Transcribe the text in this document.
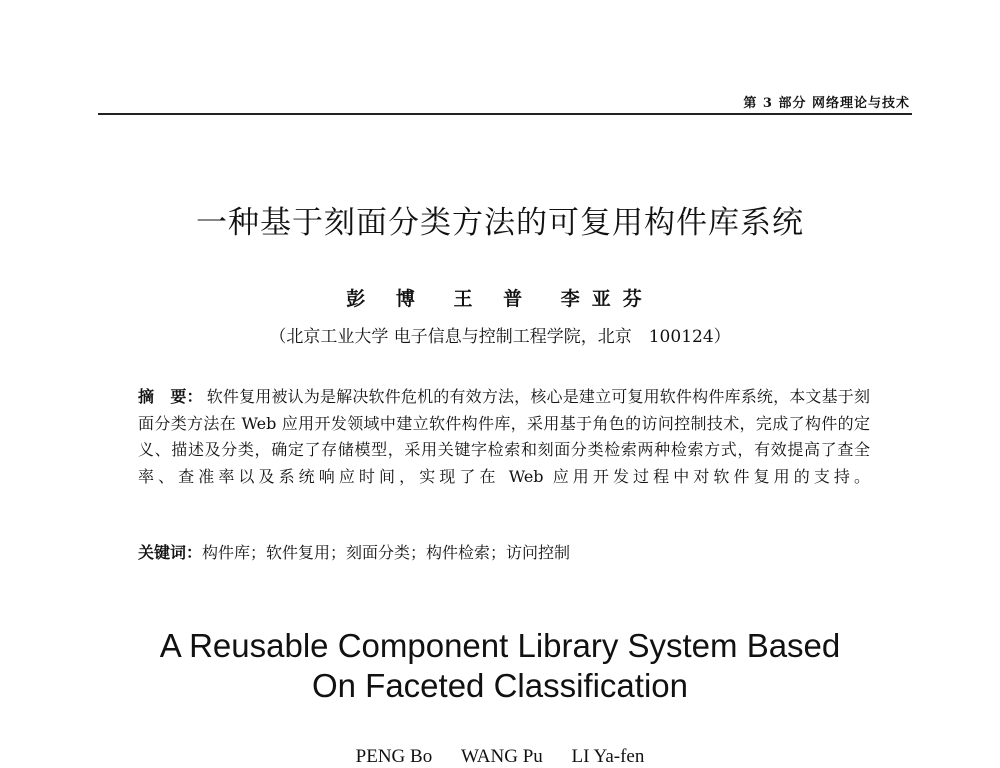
第 3 部分 网络理论与技术
一种基于刻面分类方法的可复用构件库系统
彭 博 王 普 李亚芬
（北京工业大学 电子信息与控制工程学院，北京　100124）
摘　要： 软件复用被认为是解决软件危机的有效方法，核心是建立可复用软件构件库系统，本文基于刻面分类方法在 Web 应用开发领域中建立软件构件库，采用基于角色的访问控制技术，完成了构件的定义、描述及分类，确定了存储模型，采用关键字检索和刻面分类检索两种检索方式，有效提高了查全率、查准率以及系统响应时间，实现了在 Web 应用开发过程中对软件复用的支持。
关键词：构件库；软件复用；刻面分类；构件检索；访问控制
A Reusable Component Library System Based
On Faceted Classification
PENG Bo WANG Pu LI Ya-fen
